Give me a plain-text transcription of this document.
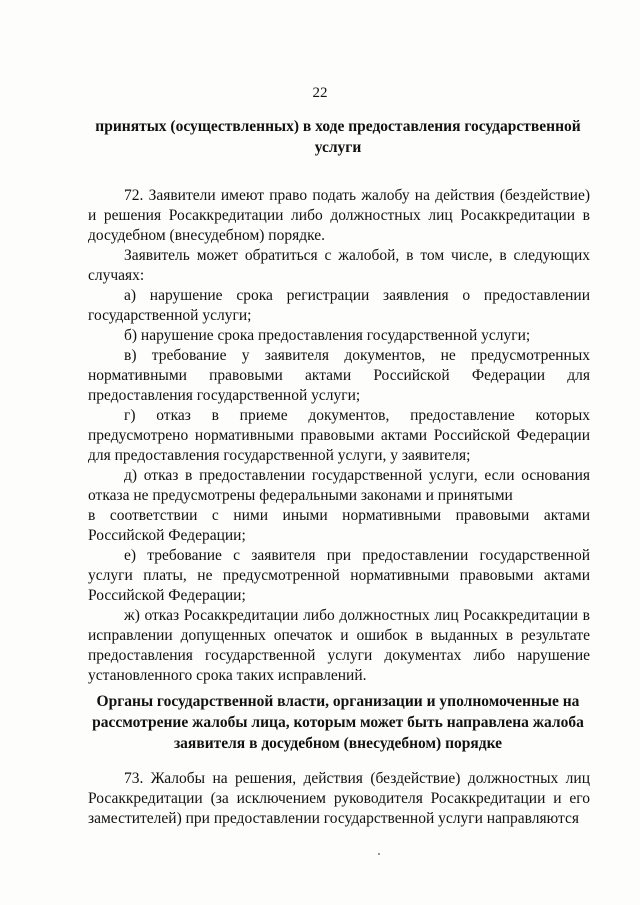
22
принятых (осуществленных) в ходе предоставления государственной услуги

72. Заявители имеют право подать жалобу на действия (бездействие) и решения Росаккредитации либо должностных лиц Росаккредитации в досудебном (внесудебном) порядке.

Заявитель может обратиться с жалобой, в том числе, в следующих случаях:

а) нарушение срока регистрации заявления о предоставлении государственной услуги;

б) нарушение срока предоставления государственной услуги;

в) требование у заявителя документов, не предусмотренных нормативными правовыми актами Российской Федерации для предоставления государственной услуги;

г) отказ в приеме документов, предоставление которых предусмотрено нормативными правовыми актами Российской Федерации для предоставления государственной услуги, у заявителя;

д) отказ в предоставлении государственной услуги, если основания отказа не предусмотрены федеральными законами и принятыми

в соответствии с ними иными нормативными правовыми актами Российской Федерации;

е) требование с заявителя при предоставлении государственной услуги платы, не предусмотренной нормативными правовыми актами Российской Федерации;

ж) отказ Росаккредитации либо должностных лиц Росаккредитации в исправлении допущенных опечаток и ошибок в выданных в результате предоставления государственной услуги документах либо нарушение установленного срока таких исправлений.

Органы государственной власти, организации и уполномоченные на рассмотрение жалобы лица, которым может быть направлена жалоба заявителя в досудебном (внесудебном) порядке

73. Жалобы на решения, действия (бездействие) должностных лиц Росаккредитации (за исключением руководителя Росаккредитации и его заместителей) при предоставлении государственной услуги направляются
